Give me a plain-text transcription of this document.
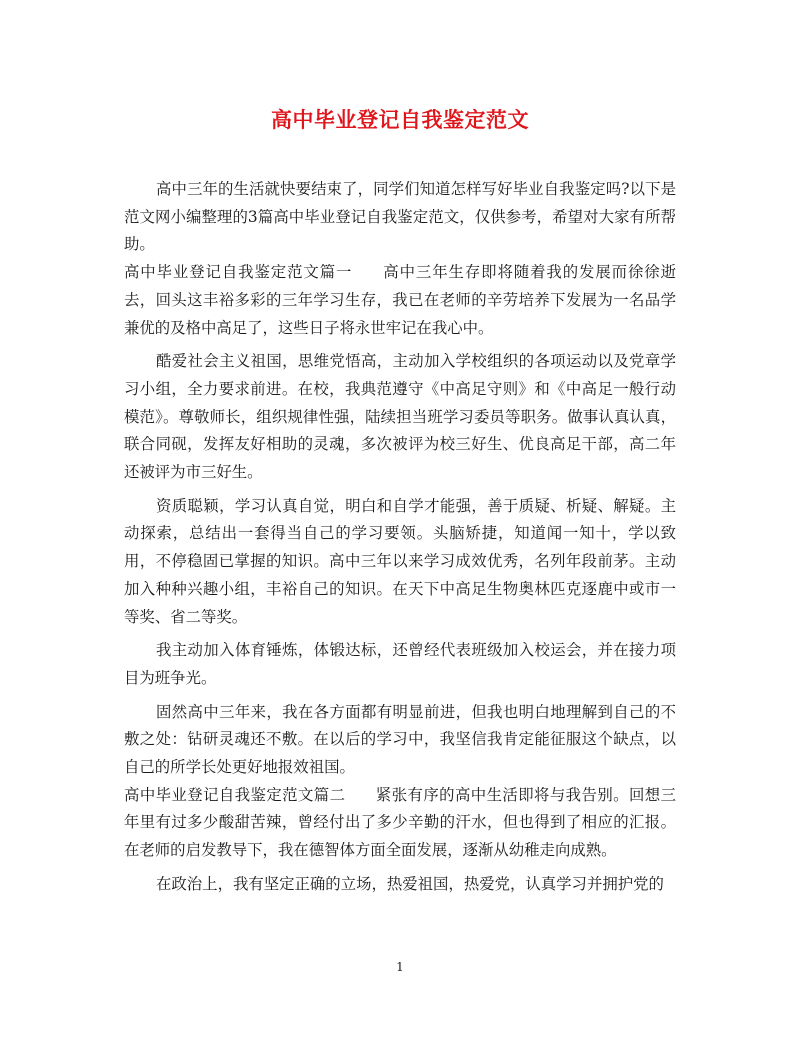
高中毕业登记自我鉴定范文

高中三年的生活就快要结束了，同学们知道怎样写好毕业自我鉴定吗?以下是范文网小编整理的3篇高中毕业登记自我鉴定范文，仅供参考，希望对大家有所帮助。

高中毕业登记自我鉴定范文篇一 高中三年生存即将随着我的发展而徐徐逝去，回头这丰裕多彩的三年学习生存，我已在老师的辛劳培养下发展为一名品学兼优的及格中高足了，这些日子将永世牢记在我心中。

酷爱社会主义祖国，思维党悟高，主动加入学校组织的各项运动以及党章学习小组，全力要求前进。在校，我典范遵守《中高足守则》和《中高足一般行动模范》。尊敬师长，组织规律性强，陆续担当班学习委员等职务。做事认真认真，联合同砚，发挥友好相助的灵魂，多次被评为校三好生、优良高足干部，高二年还被评为市三好生。

资质聪颖，学习认真自觉，明白和自学才能强，善于质疑、析疑、解疑。主动探索，总结出一套得当自己的学习要领。头脑矫捷，知道闻一知十，学以致用，不停稳固已掌握的知识。高中三年以来学习成效优秀，名列年段前茅。主动加入种种兴趣小组，丰裕自己的知识。在天下中高足生物奥林匹克逐鹿中或市一等奖、省二等奖。

我主动加入体育锤炼，体锻达标，还曾经代表班级加入校运会，并在接力项目为班争光。

固然高中三年来，我在各方面都有明显前进，但我也明白地理解到自己的不敷之处：钻研灵魂还不敷。在以后的学习中，我坚信我肯定能征服这个缺点，以自己的所学长处更好地报效祖国。

高中毕业登记自我鉴定范文篇二 紧张有序的高中生活即将与我告别。回想三年里有过多少酸甜苦辣，曾经付出了多少辛勤的汗水，但也得到了相应的汇报。在老师的启发教导下，我在德智体方面全面发展，逐渐从幼稚走向成熟。

在政治上，我有坚定正确的立场，热爱祖国，热爱党，认真学习并拥护党的

1
